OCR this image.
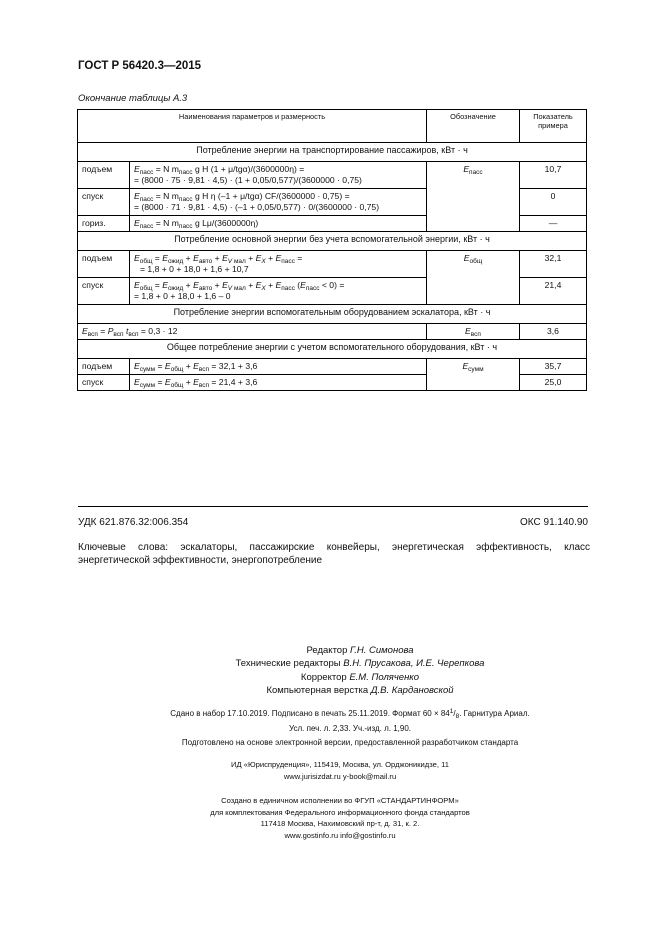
ГОСТ Р 56420.3—2015
Окончание таблицы А.3
Наименования параметров и размерность		Обозначение	Показатель примера
Потребление энергии на транспортирование пассажиров, кВт · ч			
подъем	$E_{пасс} = N$ $m_{пасс}$ g H (1 + μ/tgα)/(3600000η) =
= (8000 · 75 · 9,81 · 4,5) · (1 + 0,05/0,577)/(3600000 · 0,75)	$E_{пасс}$	10,7
спуск	$E_{пасс} = N$ $m_{пасс}$ g H η (–1 + μ/tgα) CF/(3600000 · 0,75) =
= (8000 · 71 · 9,81 · 4,5) · (–1 + 0,05/0,577) · 0/(3600000 · 0,75)		0
гориз.	$E_{пасс} = N$ $m_{пасс}$ g Lμ/(3600000η)		—
Потребление основной энергии без учета вспомогательной энергии, кВт · ч			
подъем	$E_{общ} = E_{ожид} + E_{авто} + E_{V мал} + E_X + E_{пасс}$ =
= 1,8 + 0 + 18,0 + 1,6 + 10,7	$E_{общ}$	32,1
спуск	$E_{общ} = E_{ожид} + E_{авто} + E_{V мал} + E_X + E_{пасс}$ $(E_{пасс} < 0)$ =
= 1,8 + 0 + 18,0 + 1,6 – 0		21,4
Потребление энергии вспомогательным оборудованием эскалатора, кВт · ч			
$E_{всп} = P_{всп}$ $t_{всп} = 0,3 \cdot 12$		$E_{всп}$	3,6
Общее потребление энергии с учетом вспомогательного оборудования, кВт · ч			
подъем	$E_{сумм} = E_{общ} + E_{всп} = 32,1 + 3,6$	$E_{сумм}$	35,7
спуск	$E_{сумм} = E_{общ} + E_{всп} = 21,4 + 3,6$		25,0
УДК 621.876.32:006.354	ОКС 91.140.90
Ключевые слова: эскалаторы, пассажирские конвейеры, энергетическая эффективность, класс энергетической эффективности, энергопотребление
Редактор Г.Н. Симонова
Технические редакторы В.Н. Прусакова, И.Е. Черепкова
Корректор Е.М. Поляченко
Компьютерная верстка Д.В. Кардановской
Сдано в набор 17.10.2019. Подписано в печать 25.11.2019. Формат $60 \times 84^1/_8$. Гарнитура Ариал.
Усл. печ. л. 2,33. Уч.-изд. л. 1,90.
Подготовлено на основе электронной версии, предоставленной разработчиком стандарта
ИД «Юриспруденция», 115419, Москва, ул. Орджоникидзе, 11
www.jurisizdat.ru y-book@mail.ru
Создано в единичном исполнении во ФГУП «СТАНДАРТИНФОРМ»
для комплектования Федерального информационного фонда стандартов
117418 Москва, Нахимовский пр-т, д. 31, к. 2.
www.gostinfo.ru info@gostinfo.ru
